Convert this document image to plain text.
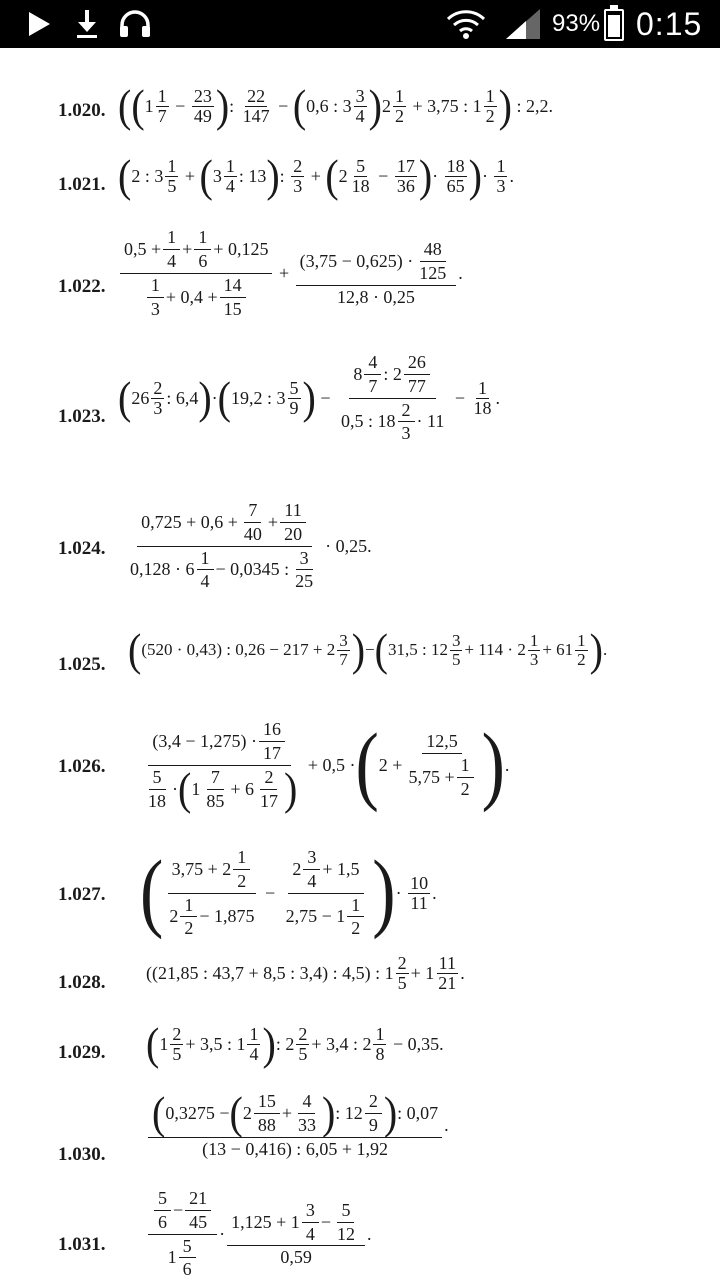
93% 0:15
1.020. ( ( $1 \frac{1}{7} - \frac{23}{49}$ ) : $\frac{22}{147}$ − ( 0,6 : $3 \frac{3}{4}$ ) $2 \frac{1}{2}$
+ 3,75 : $1 \frac{1}{2}$ )
: 2,2.
1.021. ( 2 : $3 \frac{1}{5}$ + ( $3 \frac{1}{4}$ : 13 ) : $\frac{2}{3}$ + ( $2 \frac{5}{18} - \frac{17}{36}$ ) · $\frac{18}{65}$ ) · $\frac{1}{3}$ .
1.022. $\frac{0,5 + \frac{1}{4} + \frac{1}{6} + 0,125}{\frac{1}{3} + 0,4 + \frac{14}{15}} + \frac{(3,75 - 0,625) \cdot \frac{48}{125}}{12,8 \cdot 0,25}$ .
1.023. ( $26 \frac{2}{3}$ : 6,4 ) · ( 19,2 : $3 \frac{5}{9}$ ) − $\frac{8 \frac{4}{7} : 2 \frac{26}{77}}{0,5 : 18 \frac{2}{3} \cdot 11} - \frac{1}{18}$ .
1.024. $\frac{0,725 + 0,6 + \frac{7}{40} + \frac{11}{20}}{0,128 \cdot 6 \frac{1}{4} - 0,0345 : \frac{3}{25}} \cdot 0,25$.
1.025. ( (520 · 0,43) : $0,26 - 217 + 2 \frac{3}{7}$ ) − ( 31,5 : $12 \frac{3}{5} + 114 \cdot 2 \frac{1}{3} + 61 \frac{1}{2}$ ) .
1.026.
$(3,4 - 1,275) \cdot \frac{16}{17}$
$\frac{5}{18}$ · ( $1 \frac{7}{85} + 6 \frac{2}{17}$ )
+ 0,5 · ( $2 + \frac{12,5}{5,75 + \frac{1}{2}}$ ) .
1.027. ( $\frac{3,75 + 2 \frac{1}{2}}{2 \frac{1}{2} - 1,875} - \frac{2 \frac{3}{4} + 1,5}{2,75 - 1 \frac{1}{2}}$ ) · $\frac{10}{11}$ .
1.028. ((21,85 : 43,7 + 8,5 : 3,4) : 4,5) : $1 \frac{2}{5} + 1 \frac{11}{21}$ .
1.029. ( $1 \frac{2}{5} + 3,5$ : $1 \frac{1}{4}$ ) : $2 \frac{2}{5} + 3,4$ : $2 \frac{1}{8}$
− 0,35.
1.030.
( 0,3275 − ( $2 \frac{15}{88} + \frac{4}{33}$ ) : $12 \frac{2}{9}$ ) : 0,07
(13 − 0,416) : 6,05 + 1,92
.
1.031. $\frac{\frac{5}{6} - \frac{21}{45}}{1 \frac{5}{6}} \cdot \frac{1,125 + 1 \frac{3}{4} - \frac{5}{12}}{0,59}$ .
